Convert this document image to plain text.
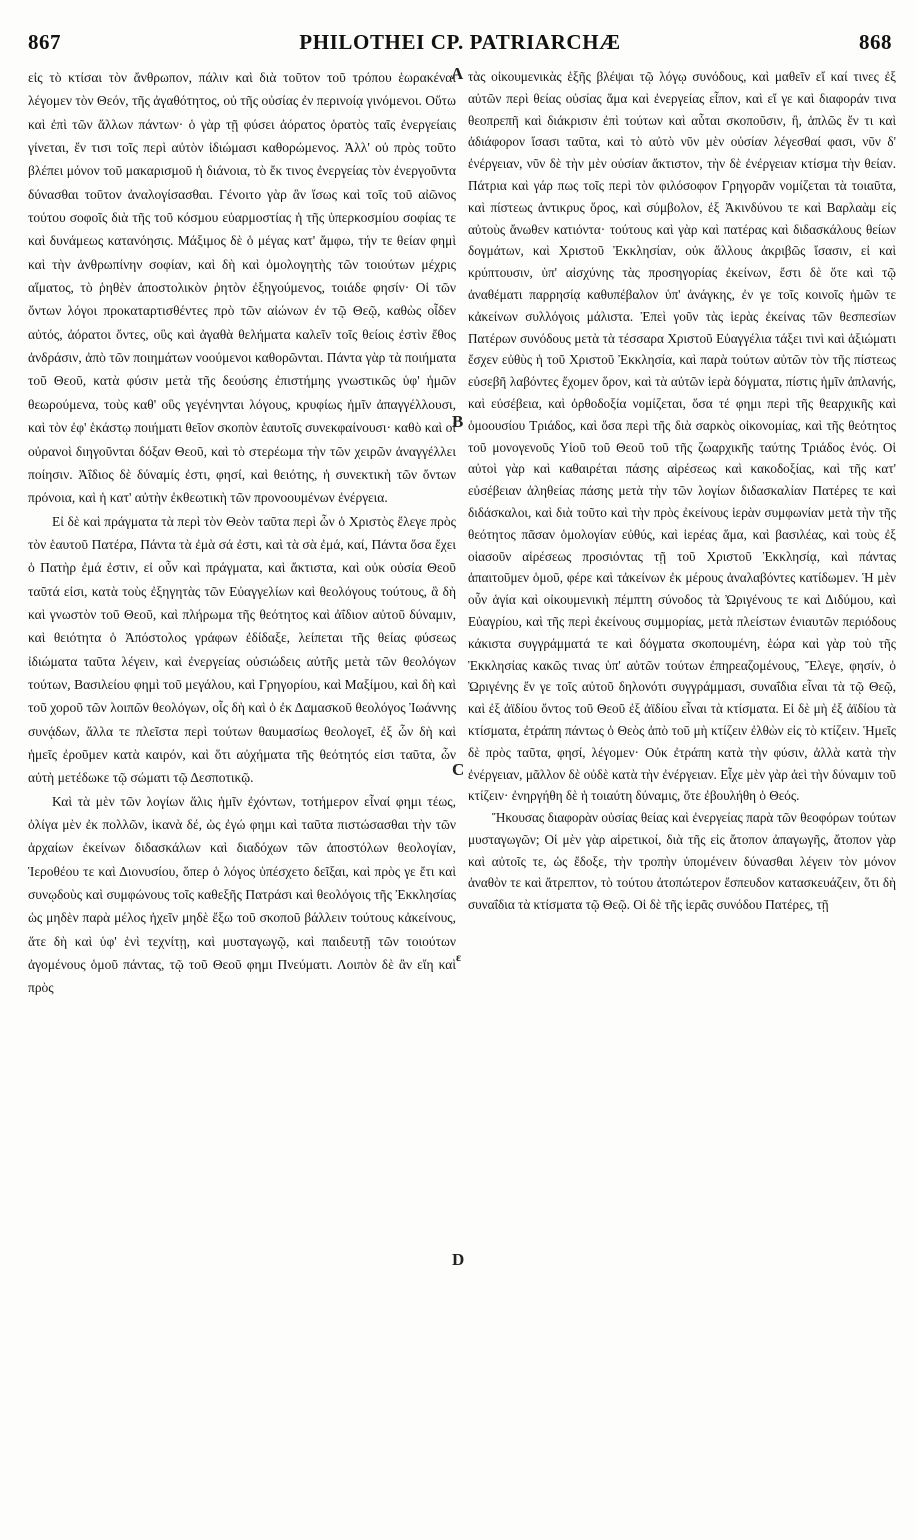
867	PHILOTHEI CP. PATRIARCHÆ	868

εἰς τὸ κτίσαι τὸν ἄνθρωπον, πάλιν καὶ διὰ τοῦτον τοῦ τρόπου ἑωρακέναι λέγομεν τὸν Θεόν, τῆς ἀγαθότητος, οὐ τῆς οὐσίας ἐν περινοίᾳ γινόμενοι. Οὕτω καὶ ἐπὶ τῶν ἄλλων πάντων· ὁ γὰρ τῇ φύσει ἀόρατος ὁρατὸς ταῖς ἐνεργείαις γίνεται, ἔν τισι τοῖς περὶ αὐτὸν ἰδιώμασι καθορώμενος. Ἀλλ' οὐ πρὸς τοῦτο βλέπει μόνον τοῦ μακαρισμοῦ ἡ διάνοια, τὸ ἔκ τινος ἐνεργείας τὸν ἐνεργοῦντα δύνασθαι τοῦτον ἀναλογίσασθαι. Γένοιτο γὰρ ἂν ἴσως καὶ τοῖς τοῦ αἰῶνος τούτου σοφοῖς διὰ τῆς τοῦ κόσμου εὐαρμοστίας ἡ τῆς ὑπερκοσμίου σοφίας τε καὶ δυνάμεως κατανόησις. Μάξιμος δὲ ὁ μέγας κατ' ἄμφω, τήν τε θείαν φημὶ καὶ τὴν ἀνθρωπίνην σοφίαν, καὶ δὴ καὶ ὁμολογητὴς τῶν τοιούτων μέχρις αἵματος, τὸ ῥηθὲν ἀποστολικὸν ῥητὸν ἐξηγούμενος, τοιάδε φησίν· Οἱ τῶν ὄντων λόγοι προκαταρτισθέντες πρὸ τῶν αἰώνων ἐν τῷ Θεῷ, καθὼς οἶδεν αὐτός, ἀόρατοι ὄντες, οὓς καὶ ἀγαθὰ θελήματα καλεῖν τοῖς θείοις ἐστὶν ἔθος ἀνδράσιν, ἀπὸ τῶν ποιημάτων νοούμενοι καθορῶνται. Πάντα γὰρ τὰ ποιήματα τοῦ Θεοῦ, κατὰ φύσιν μετὰ τῆς δεούσης ἐπιστήμης γνωστικῶς ὑφ' ἡμῶν θεωρούμενα, τοὺς καθ' οὓς γεγένηνται λόγους, κρυφίως ἡμῖν ἀπαγγέλλουσι, καὶ τὸν ἐφ' ἑκάστῳ ποιήματι θεῖον σκοπὸν ἑαυτοῖς συνεκφαίνουσι· καθὸ καὶ οἱ οὐρανοὶ διηγοῦνται δόξαν Θεοῦ, καὶ τὸ στερέωμα τὴν τῶν χειρῶν ἀναγγέλλει ποίησιν. Ἀΐδιος δὲ δύναμίς ἐστι, φησί, καὶ θειότης, ἡ συνεκτικὴ τῶν ὄντων πρόνοια, καὶ ἡ κατ' αὐτὴν ἐκθεωτικὴ τῶν προνοουμένων ἐνέργεια.

Εἰ δὲ καὶ πράγματα τὰ περὶ τὸν Θεὸν ταῦτα περὶ ὧν ὁ Χριστὸς ἔλεγε πρὸς τὸν ἑαυτοῦ Πατέρα, Πάντα τὰ ἐμὰ σά ἐστι, καὶ τὰ σὰ ἐμά, καί, Πάντα ὅσα ἔχει ὁ Πατὴρ ἐμά ἐστιν, εἰ οὖν καὶ πράγματα, καὶ ἄκτιστα, καὶ οὐκ οὐσία Θεοῦ ταῦτά εἰσι, κατὰ τοὺς ἐξηγητὰς τῶν Εὐαγγελίων καὶ θεολόγους τούτους, ἃ δὴ καὶ γνωστὸν τοῦ Θεοῦ, καὶ πλήρωμα τῆς θεότητος καὶ ἀΐδιον αὐτοῦ δύναμιν, καὶ θειότητα ὁ Ἀπόστολος γράφων ἐδίδαξε, λείπεται τῆς θείας φύσεως ἰδιώματα ταῦτα λέγειν, καὶ ἐνεργείας οὐσιώδεις αὐτῆς μετὰ τῶν θεολόγων τούτων, Βασιλείου φημὶ τοῦ μεγάλου, καὶ Γρηγορίου, καὶ Μαξίμου, καὶ δὴ καὶ τοῦ χοροῦ τῶν λοιπῶν θεολόγων, οἷς δὴ καὶ ὁ ἐκ Δαμασκοῦ θεολόγος Ἰωάννης συνᾴδων, ἄλλα τε πλεῖστα περὶ τούτων θαυμασίως θεολογεῖ, ἐξ ὧν δὴ καὶ ἡμεῖς ἐροῦμεν κατὰ καιρόν, καὶ ὅτι αὐχήματα τῆς θεότητός εἰσι ταῦτα, ὧν αὐτὴ μετέδωκε τῷ σώματι τῷ Δεσποτικῷ.

Καὶ τὰ μὲν τῶν λογίων ἅλις ἡμῖν ἐχόντων, τοτήμερον εἶναί φημι τέως, ὀλίγα μὲν ἐκ πολλῶν, ἱκανὰ δέ, ὡς ἐγώ φημι καὶ ταῦτα πιστώσασθαι τὴν τῶν ἀρχαίων ἐκείνων διδασκάλων καὶ διαδόχων τῶν ἀποστόλων θεολογίαν, Ἱεροθέου τε καὶ Διονυσίου, ὅπερ ὁ λόγος ὑπέσχετο δεῖξαι, καὶ πρὸς γε ἔτι καὶ συνῳδοὺς καὶ συμφώνους τοῖς καθεξῆς Πατράσι καὶ θεολόγοις τῆς Ἐκκλησίας ὡς μηδὲν παρὰ μέλος ἠχεῖν μηδὲ ἔξω τοῦ σκοποῦ βάλλειν τούτους κἀκείνους, ἅτε δὴ καὶ ὑφ' ἑνὶ τεχνίτῃ, καὶ μυσταγωγῷ, καὶ παιδευτῇ τῶν τοιούτων ἀγομένους ὁμοῦ πάντας, τῷ τοῦ Θεοῦ φημι Πνεύματι. Λοιπὸν δὲ ἂν εἴη καὶ πρὸς

A
B
C
ε
D

τὰς οἰκουμενικὰς ἑξῆς βλέψαι τῷ λόγῳ συνόδους, καὶ μαθεῖν εἴ καί τινες ἐξ αὐτῶν περὶ θείας οὐσίας ἅμα καὶ ἐνεργείας εἶπον, καὶ εἴ γε καὶ διαφοράν τινα θεοπρεπῆ καὶ διάκρισιν ἐπὶ τούτων καὶ αὗται σκοποῦσιν, ἢ, ἁπλῶς ἔν τι καὶ ἀδιάφορον ἴσασι ταῦτα, καὶ τὸ αὐτὸ νῦν μὲν οὐσίαν λέγεσθαί φασι, νῦν δ' ἐνέργειαν, νῦν δὲ τὴν μὲν οὐσίαν ἄκτιστον, τὴν δὲ ἐνέργειαν κτίσμα τὴν θείαν. Πάτρια καὶ γάρ πως τοῖς περὶ τὸν φιλόσοφον Γρηγορᾶν νομίζεται τὰ τοιαῦτα, καὶ πίστεως ἀντικρυς ὅρος, καὶ σύμβολον, ἐξ Ἀκινδύνου τε καὶ Βαρλαὰμ εἰς αὐτοὺς ἄνωθεν κατιόντα· τούτους καὶ γὰρ καὶ πατέρας καὶ διδασκάλους θείων δογμάτων, καὶ Χριστοῦ Ἐκκλησίαν, οὐκ ἄλλους ἀκριβῶς ἴσασιν, εἰ καὶ κρύπτουσιν, ὑπ' αἰσχύνης τὰς προσηγορίας ἐκείνων, ἔστι δὲ ὅτε καὶ τῷ ἀναθέματι παρρησίᾳ καθυπέβαλον ὑπ' ἀνάγκης, ἐν γε τοῖς κοινοῖς ἡμῶν τε κἀκείνων συλλόγοις μάλιστα. Ἐπεὶ γοῦν τὰς ἱερὰς ἐκείνας τῶν θεσπεσίων Πατέρων συνόδους μετὰ τὰ τέσσαρα Χριστοῦ Εὐαγγέλια τάξει τινὶ καὶ ἀξιώματι ἔσχεν εὐθὺς ἡ τοῦ Χριστοῦ Ἐκκλησία, καὶ παρὰ τούτων αὐτῶν τὸν τῆς πίστεως εὐσεβῆ λαβόντες ἔχομεν ὅρον, καὶ τὰ αὐτῶν ἱερὰ δόγματα, πίστις ἡμῖν ἀπλανής, καὶ εὐσέβεια, καὶ ὀρθοδοξία νομίζεται, ὅσα τέ φημι περὶ τῆς θεαρχικῆς καὶ ὁμοουσίου Τριάδος, καὶ ὅσα περὶ τῆς διὰ σαρκὸς οἰκονομίας, καὶ τῆς θεότητος τοῦ μονογενοῦς Υἱοῦ τοῦ Θεοῦ τοῦ τῆς ζωαρχικῆς ταύτης Τριάδος ἑνός. Οἱ αὐτοὶ γὰρ καὶ καθαιρέται πάσης αἱρέσεως καὶ κακοδοξίας, καὶ τῆς κατ' εὐσέβειαν ἀληθείας πάσης μετὰ τὴν τῶν λογίων διδασκαλίαν Πατέρες τε καὶ διδάσκαλοι, καὶ διὰ τοῦτο καὶ τὴν πρὸς ἐκείνους ἱερὰν συμφωνίαν μετὰ τὴν τῆς θεότητος πᾶσαν ὁμολογίαν εὐθύς, καὶ ἱερέας ἅμα, καὶ βασιλέας, καὶ τοὺς ἐξ οἱασοῦν αἱρέσεως προσιόντας τῇ τοῦ Χριστοῦ Ἐκκλησίᾳ, καὶ πάντας ἀπαιτοῦμεν ὁμοῦ, φέρε καὶ τἀκείνων ἐκ μέρους ἀναλαβόντες κατίδωμεν. Ἡ μὲν οὖν ἁγία καὶ οἰκουμενικὴ πέμπτη σύνοδος τὰ Ὠριγένους τε καὶ Διδύμου, καὶ Εὐαγρίου, καὶ τῆς περὶ ἐκείνους συμμορίας, μετὰ πλείστων ἐνιαυτῶν περιόδους κάκιστα συγγράμματά τε καὶ δόγματα σκοπουμένη, ἑώρα καὶ γὰρ τοὺ τῆς Ἐκκλησίας κακῶς τινας ὑπ' αὐτῶν τούτων ἐπηρεαζομένους, Ἔλεγε, φησίν, ὁ Ὠριγένης ἔν γε τοῖς αὐτοῦ δηλονότι συγγράμμασι, συναΐδια εἶναι τὰ τῷ Θεῷ, καὶ ἐξ ἀϊδίου ὄντος τοῦ Θεοῦ ἐξ ἀϊδίου εἶναι τὰ κτίσματα. Εἰ δὲ μὴ ἐξ ἀϊδίου τὰ κτίσματα, ἐτράπη πάντως ὁ Θεὸς ἀπὸ τοῦ μὴ κτίζειν ἐλθὼν εἰς τὸ κτίζειν. Ἡμεῖς δὲ πρὸς ταῦτα, φησί, λέγομεν· Οὐκ ἐτράπη κατὰ τὴν φύσιν, ἀλλὰ κατὰ τὴν ἐνέργειαν, μᾶλλον δὲ οὐδὲ κατὰ τὴν ἐνέργειαν. Εἶχε μὲν γὰρ ἀεὶ τὴν δύναμιν τοῦ κτίζειν· ἐνηργήθη δὲ ἡ τοιαύτη δύναμις, ὅτε ἐβουλήθη ὁ Θεός.

Ἤκουσας διαφορὰν οὐσίας θείας καὶ ἐνεργείας παρὰ τῶν θεοφόρων τούτων μυσταγωγῶν; Οἱ μὲν γὰρ αἱρετικοί, διὰ τῆς εἰς ἄτοπον ἀπαγωγῆς, ἄτοπον γὰρ καὶ αὐτοῖς τε, ὡς ἔδοξε, τὴν τροπὴν ὑπομένειν δύνασθαι λέγειν τὸν μόνον ἀναθὸν τε καὶ ἄτρεπτον, τὸ τούτου ἀτοπώτερον ἔσπευδον κατασκευάζειν, ὅτι δὴ συναΐδια τὰ κτίσματα τῷ Θεῷ. Οἱ δὲ τῆς ἱερᾶς συνόδου Πατέρες, τῇ
